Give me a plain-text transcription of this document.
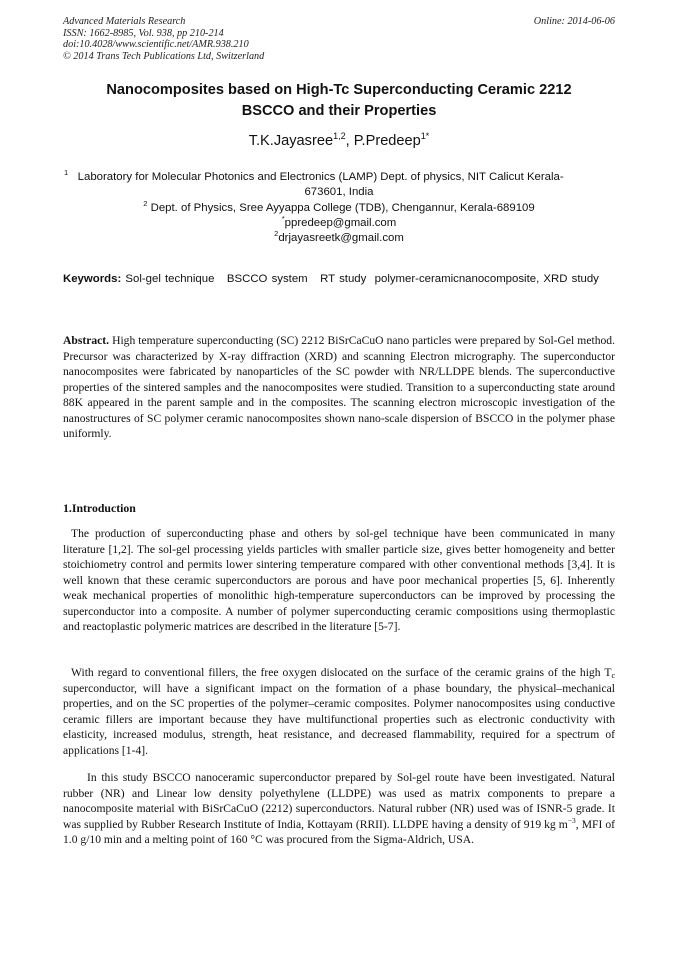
Advanced Materials Research
ISSN: 1662-8985, Vol. 938, pp 210-214
doi:10.4028/www.scientific.net/AMR.938.210
© 2014 Trans Tech Publications Ltd, Switzerland
Online: 2014-06-06
Nanocomposites based on High-Tc Superconducting Ceramic 2212
BSCCO and their Properties
T.K.Jayasree$^{1,2}$, P.Predeep$^{1*}$
$^1$ Laboratory for Molecular Photonics and Electronics (LAMP) Dept. of physics, NIT Calicut Kerala-
673601, India
$^2$ Dept. of Physics, Sree Ayyappa College (TDB), Chengannur, Kerala-689109
*ppredeep@gmail.com
$^2$drjayasreetk@gmail.com
Keywords: Sol-gel technique   BSCCO system   RT study  polymer-ceramicnanocomposite, XRD study
Abstract. High temperature superconducting (SC) 2212 BiSrCaCuO nano particles were prepared by Sol-Gel method. Precursor was characterized by X-ray diffraction (XRD) and scanning Electron micrography. The superconductor nanocomposites were fabricated by nanoparticles of the SC powder with NR/LLDPE blends. The superconductive properties of the sintered samples and the nanocomposites were studied. Transition to a superconducting state around 88K appeared in the parent sample and in the composites. The scanning electron microscopic investigation of the nanostructures of SC polymer ceramic nanocomposites shown nano-scale dispersion of BSCCO in the polymer phase uniformly.
1.Introduction
The production of superconducting phase and others by sol-gel technique have been communicated in many literature [1,2]. The sol-gel processing yields particles with smaller particle size, gives better homogeneity and better stoichiometry control and permits lower sintering temperature compared with other conventional methods [3,4]. It is well known that these ceramic superconductors are porous and have poor mechanical properties [5, 6]. Inherently weak mechanical properties of monolithic high-temperature superconductors can be improved by processing the superconductor into a composite. A number of polymer superconducting ceramic compositions using thermoplastic and reactoplastic polymeric matrices are described in the literature [5-7].
With regard to conventional fillers, the free oxygen dislocated on the surface of the ceramic grains of the high $T_c$ superconductor, will have a significant impact on the formation of a phase boundary, the physical–mechanical properties, and on the SC properties of the polymer–ceramic composites. Polymer nanocomposites using conductive ceramic fillers are important because they have multifunctional properties such as electronic conductivity with elasticity, increased modulus, strength, heat resistance, and decreased flammability, required for a spectrum of applications [1-4].
In this study BSCCO nanoceramic superconductor prepared by Sol-gel route have been investigated. Natural rubber (NR) and Linear low density polyethylene (LLDPE) was used as matrix components to prepare a nanocomposite material with BiSrCaCuO (2212) superconductors. Natural rubber (NR) used was of ISNR-5 grade. It was supplied by Rubber Research Institute of India, Kottayam (RRII). LLDPE having a density of 919 kg $m^{-3}$, MFI of 1.0 g/10 min and a melting point of 160 °C was procured from the Sigma-Aldrich, USA.
